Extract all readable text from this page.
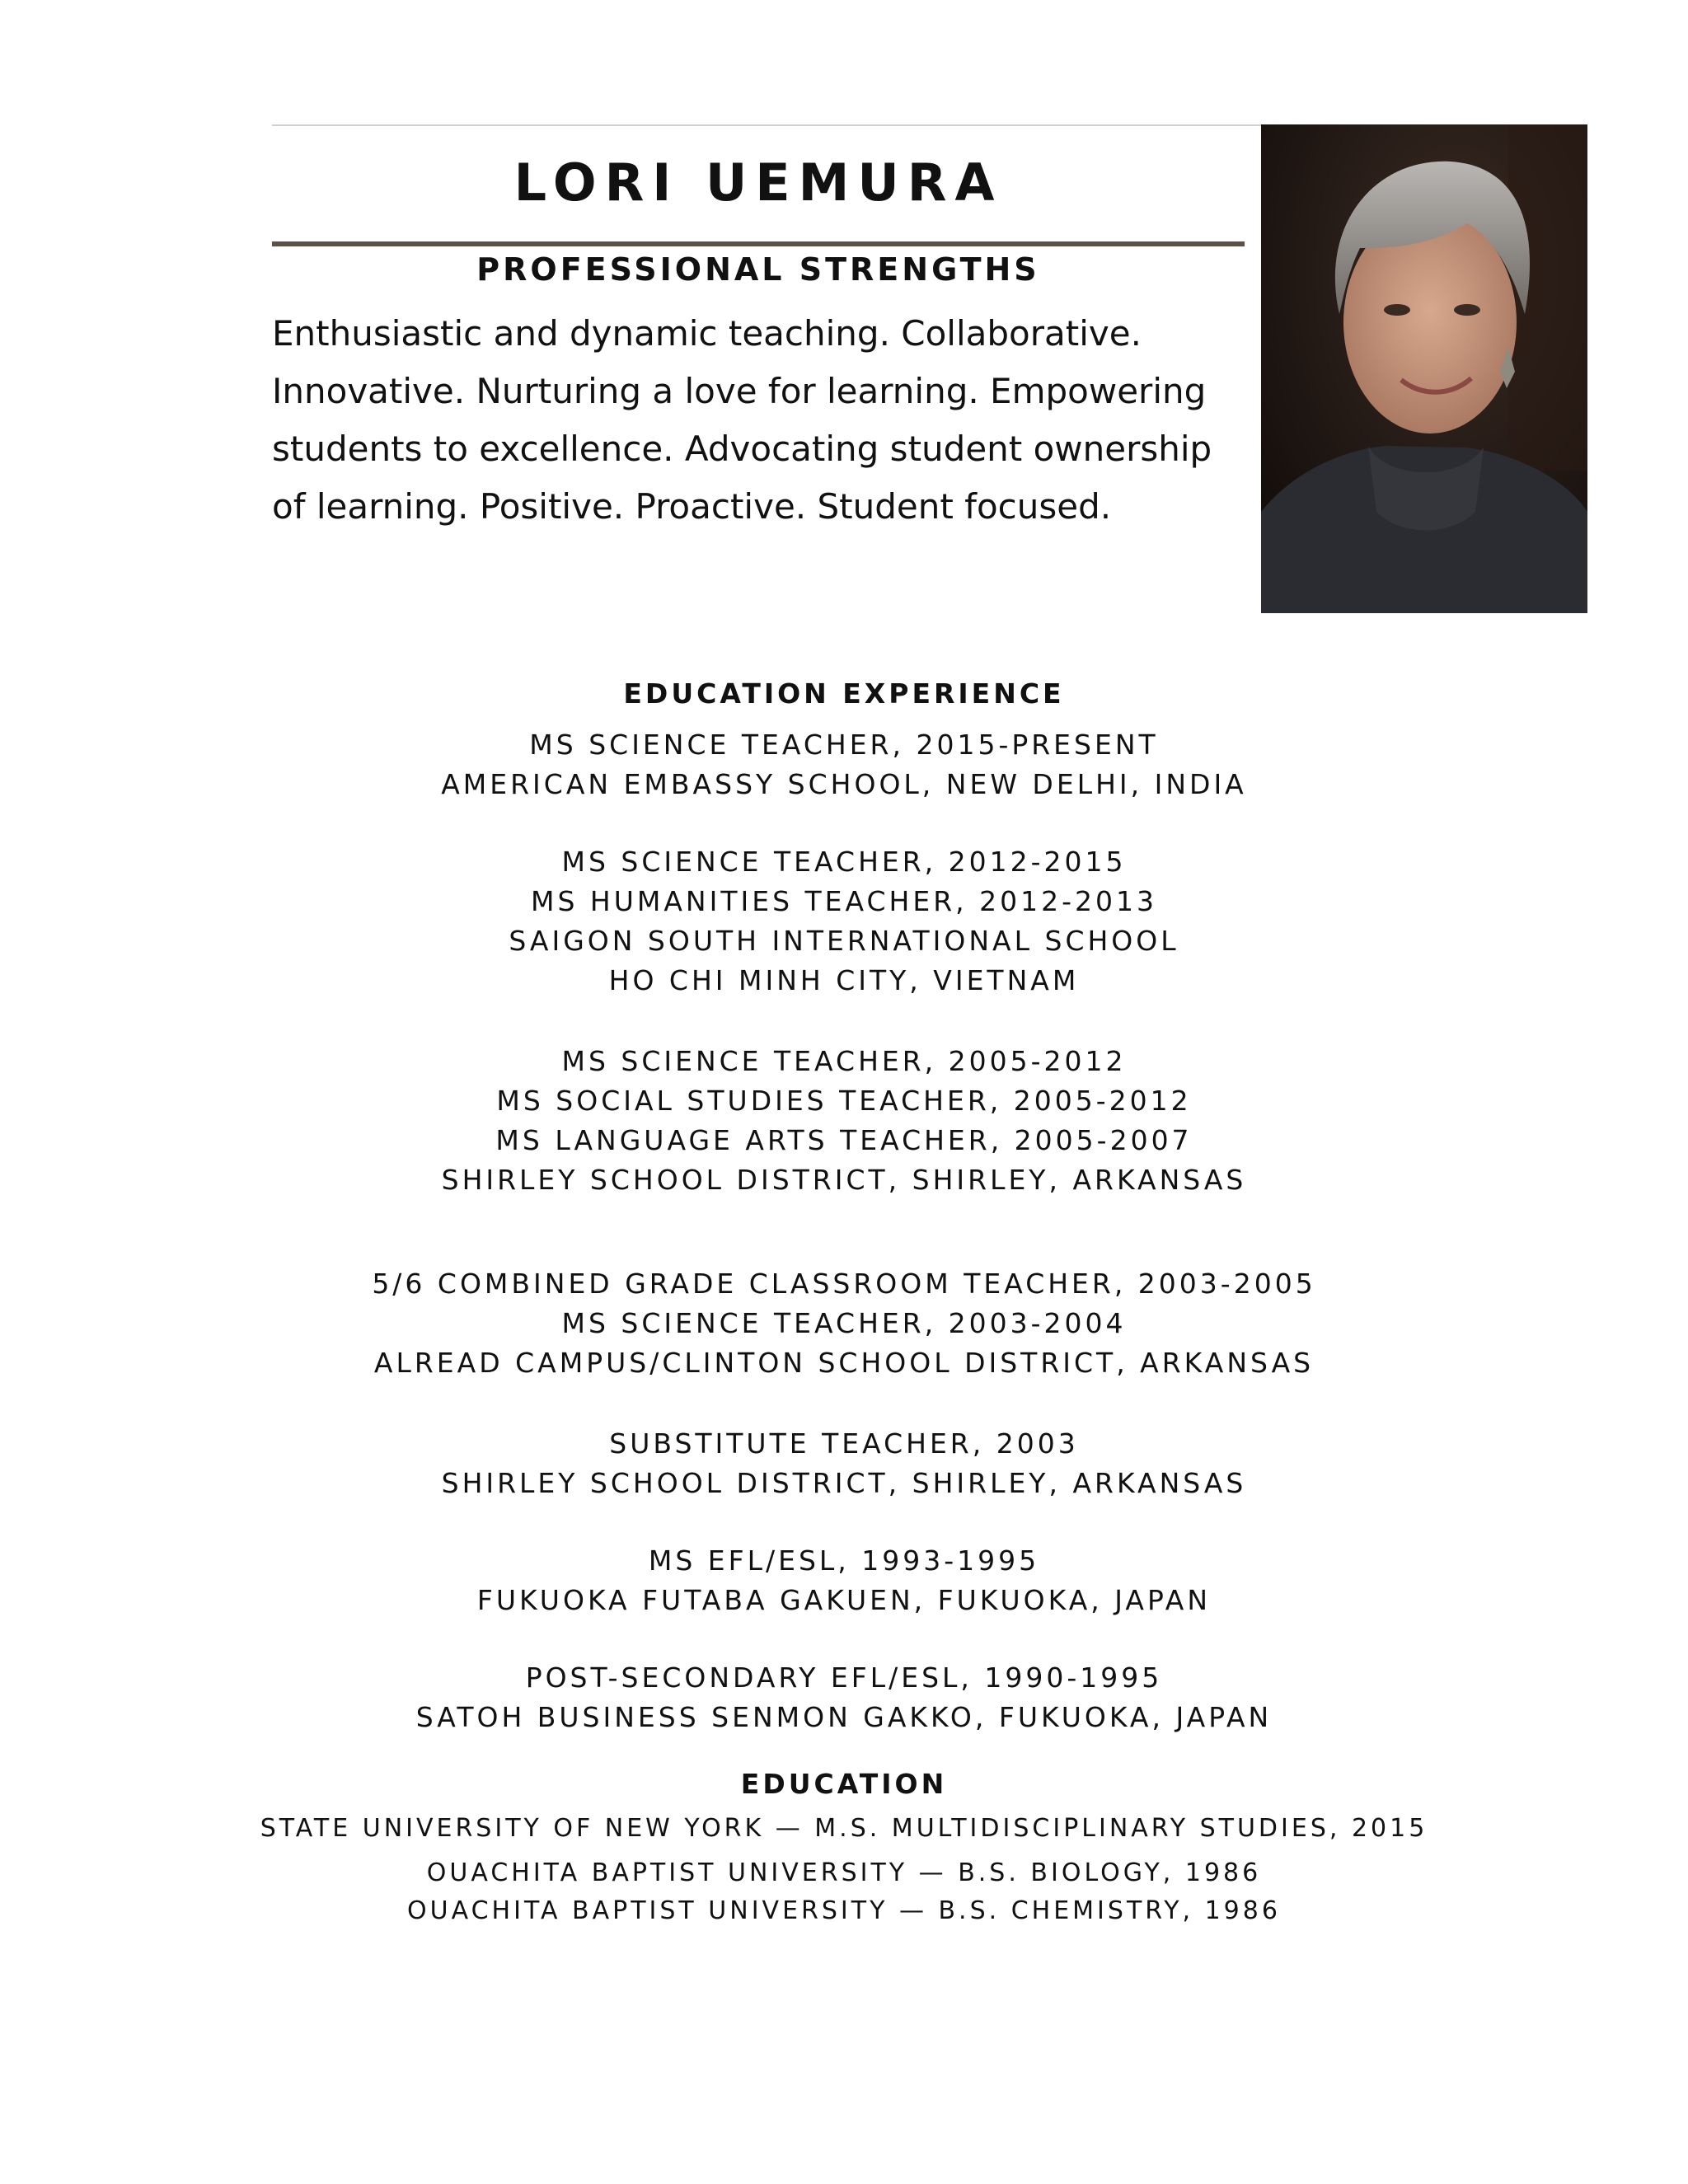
LORI UEMURA
PROFESSIONAL STRENGTHS
Enthusiastic and dynamic teaching. Collaborative. Innovative. Nurturing a love for learning. Empowering students to excellence. Advocating student ownership of learning. Positive. Proactive. Student focused.
EDUCATION EXPERIENCE
MS SCIENCE TEACHER, 2015-PRESENT
AMERICAN EMBASSY SCHOOL, NEW DELHI, INDIA
MS SCIENCE TEACHER, 2012-2015
MS HUMANITIES TEACHER, 2012-2013
SAIGON SOUTH INTERNATIONAL SCHOOL
HO CHI MINH CITY, VIETNAM
MS SCIENCE TEACHER, 2005-2012
MS SOCIAL STUDIES TEACHER, 2005-2012
MS LANGUAGE ARTS TEACHER, 2005-2007
SHIRLEY SCHOOL DISTRICT, SHIRLEY, ARKANSAS
5/6 COMBINED GRADE CLASSROOM TEACHER, 2003-2005
MS SCIENCE TEACHER, 2003-2004
ALREAD CAMPUS/CLINTON SCHOOL DISTRICT, ARKANSAS
SUBSTITUTE TEACHER, 2003
SHIRLEY SCHOOL DISTRICT, SHIRLEY, ARKANSAS
MS EFL/ESL, 1993-1995
FUKUOKA FUTABA GAKUEN, FUKUOKA, JAPAN
POST-SECONDARY EFL/ESL, 1990-1995
SATOH BUSINESS SENMON GAKKO, FUKUOKA, JAPAN
EDUCATION
STATE UNIVERSITY OF NEW YORK — M.S. MULTIDISCIPLINARY STUDIES, 2015
OUACHITA BAPTIST UNIVERSITY — B.S. BIOLOGY, 1986
OUACHITA BAPTIST UNIVERSITY — B.S. CHEMISTRY, 1986
